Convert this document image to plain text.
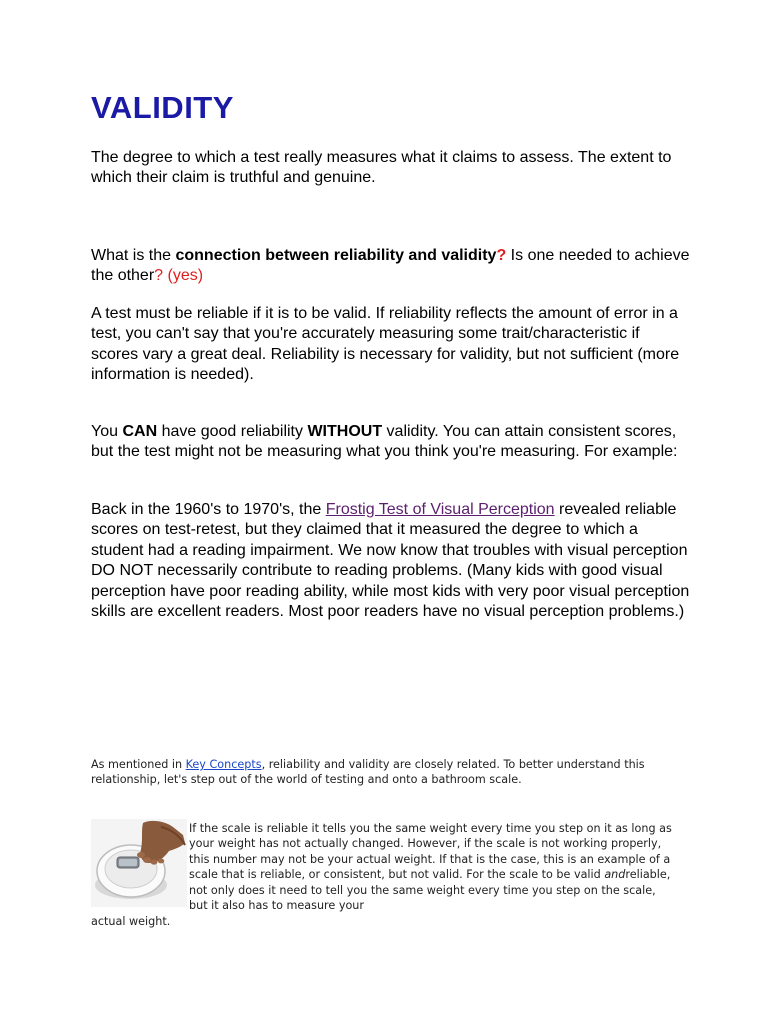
VALIDITY

The degree to which a test really measures what it claims to assess. The extent to which their claim is truthful and genuine.

What is the connection between reliability and validity? Is one needed to achieve the other? (yes)

A test must be reliable if it is to be valid. If reliability reflects the amount of error in a test, you can't say that you're accurately measuring some trait/characteristic if scores vary a great deal. Reliability is necessary for validity, but not sufficient (more information is needed).

You CAN have good reliability WITHOUT validity. You can attain consistent scores, but the test might not be measuring what you think you're measuring. For example:

Back in the 1960's to 1970's, the Frostig Test of Visual Perception revealed reliable scores on test-retest, but they claimed that it measured the degree to which a student had a reading impairment. We now know that troubles with visual perception DO NOT necessarily contribute to reading problems. (Many kids with good visual perception have poor reading ability, while most kids with very poor visual perception skills are excellent readers. Most poor readers have no visual perception problems.)

As mentioned in Key Concepts, reliability and validity are closely related. To better understand this relationship, let's step out of the world of testing and onto a bathroom scale.

If the scale is reliable it tells you the same weight every time you step on it as long as your weight has not actually changed. However, if the scale is not working properly, this number may not be your actual weight. If that is the case, this is an example of a scale that is reliable, or consistent, but not valid. For the scale to be valid andreliable, not only does it need to tell you the same weight every time you step on the scale, but it also has to measure your

actual weight.
